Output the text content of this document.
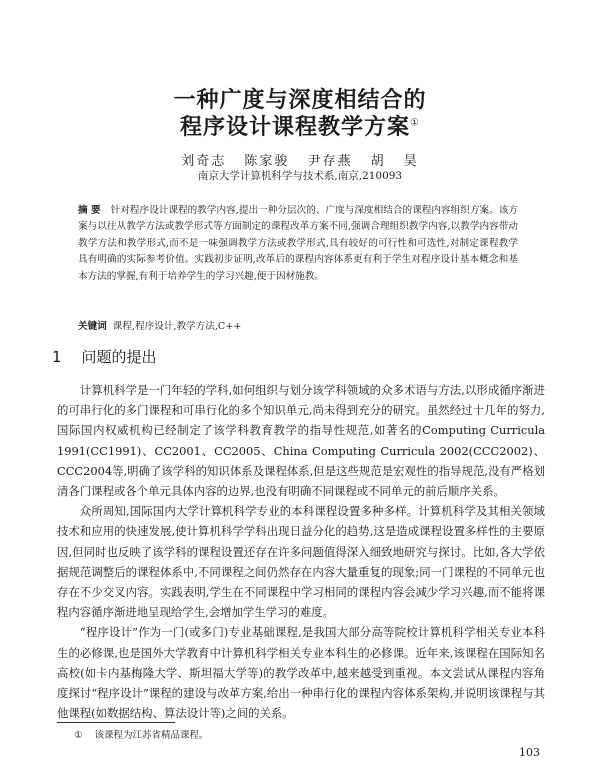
一种广度与深度相结合的
程序设计课程教学方案①
刘奇志 陈家骏 尹存燕 胡 昊
南京大学计算机科学与技术系,南京,210093
摘 要 针对程序设计课程的教学内容,提出一种分层次的、广度与深度相结合的课程内容组织方案。该方案与以往从教学方法或教学形式等方面制定的课程改革方案不同,强调合理组织教学内容,以教学内容带动教学方法和教学形式,而不是一味强调教学方法或教学形式,具有较好的可行性和可选性,对制定课程教学具有明确的实际参考价值。实践初步证明,改革后的课程内容体系更有利于学生对程序设计基本概念和基本方法的掌握,有利于培养学生的学习兴趣,便于因材施教。
关键词 课程,程序设计,教学方法,C++
1 问题的提出

计算机科学是一门年轻的学科,如何组织与划分该学科领域的众多术语与方法,以形成循序渐进的可串行化的多门课程和可串行化的多个知识单元,尚未得到充分的研究。虽然经过十几年的努力,国际国内权威机构已经制定了该学科教育教学的指导性规范,如著名的Computing Curricula 1991(CC1991)、CC2001、CC2005、China Computing Curricula 2002(CCC2002)、CCC2004等,明确了该学科的知识体系及课程体系,但是这些规范是宏观性的指导规范,没有严格划清各门课程或各个单元具体内容的边界,也没有明确不同课程或不同单元的前后顺序关系。

众所周知,国际国内大学计算机科学专业的本科课程设置多种多样。计算机科学及其相关领域技术和应用的快速发展,使计算机科学学科出现日益分化的趋势,这是造成课程设置多样性的主要原因,但同时也反映了该学科的课程设置还存在许多问题值得深入细致地研究与探讨。比如,各大学依据规范调整后的课程体系中,不同课程之间仍然存在内容大量重复的现象;同一门课程的不同单元也存在不少交叉内容。实践表明,学生在不同课程中学习相同的课程内容会减少学习兴趣,而不能将课程内容循序渐进地呈现给学生,会增加学生学习的难度。

“程序设计”作为一门(或多门)专业基础课程,是我国大部分高等院校计算机科学相关专业本科生的必修课,也是国外大学教育中计算机科学相关专业本科生的必修课。近年来,该课程在国际知名高校(如卡内基梅隆大学、斯坦福大学等)的教学改革中,越来越受到重视。本文尝试从课程内容角度探讨“程序设计”课程的建设与改革方案,给出一种串行化的课程内容体系架构,并说明该课程与其他课程(如数据结构、算法设计等)之间的关系。

① 该课程为江苏省精品课程。
103
